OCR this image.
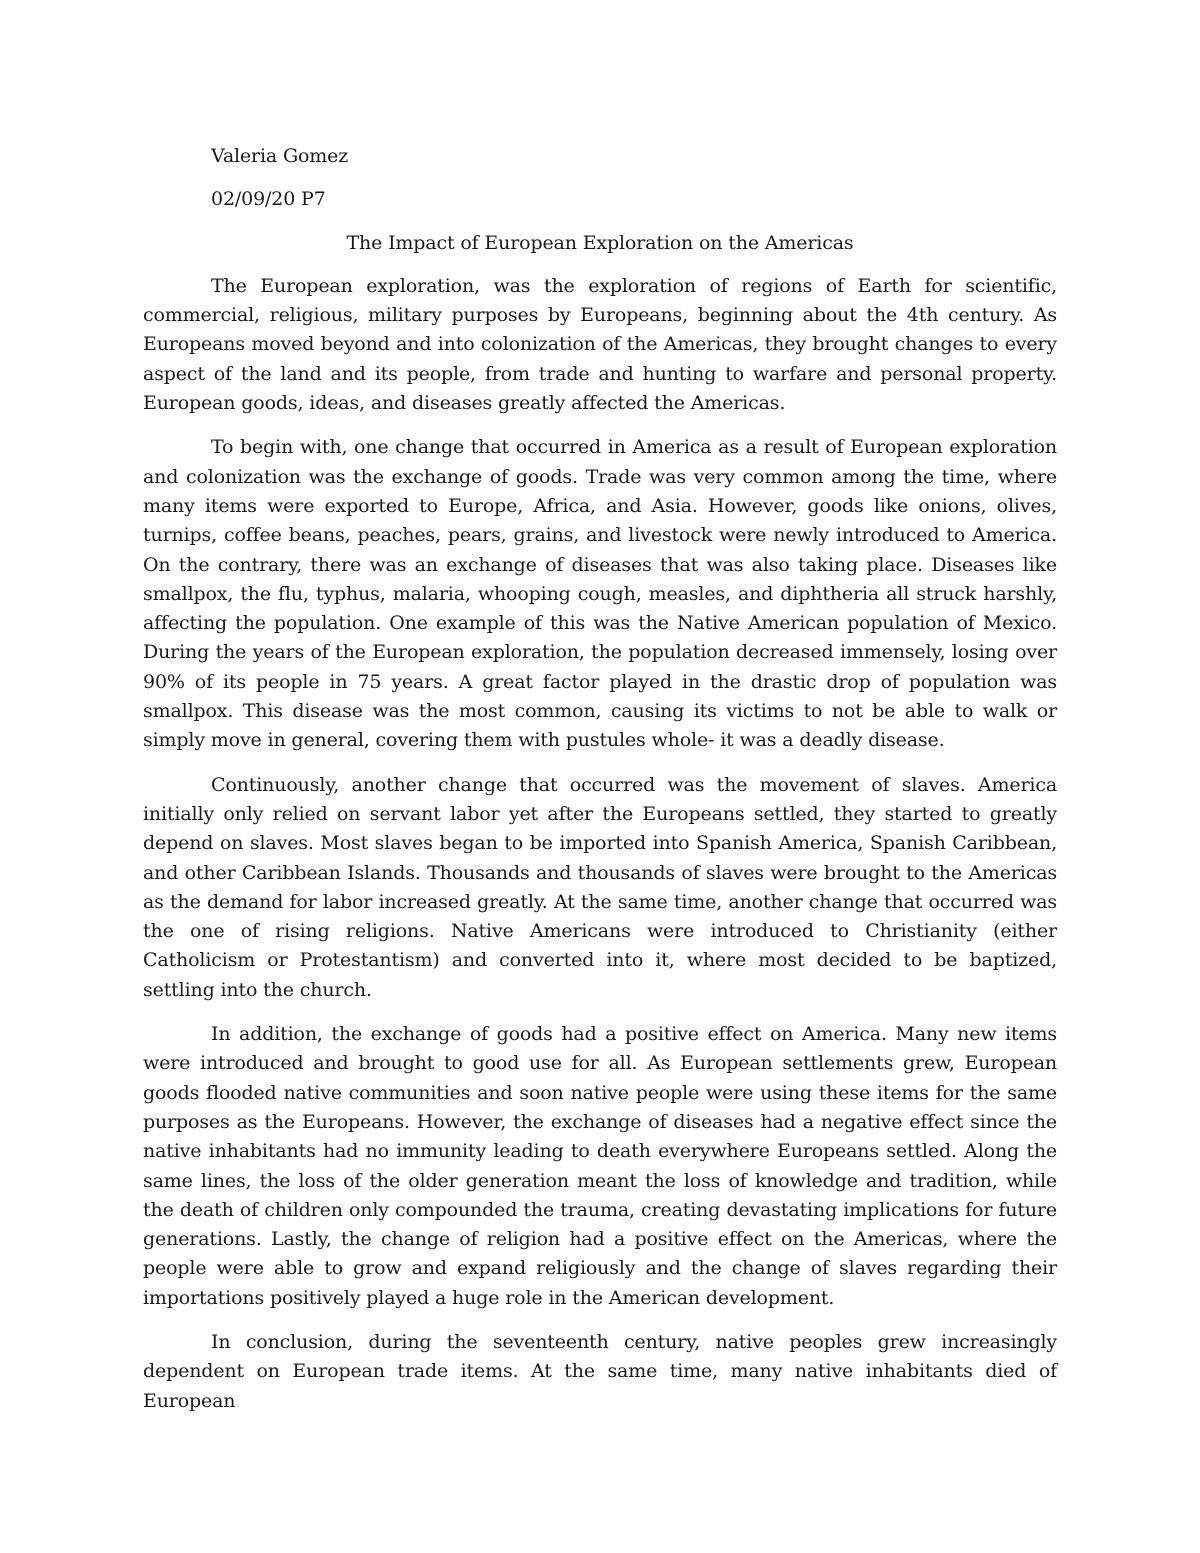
Valeria Gomez

02/09/20 P7

The Impact of European Exploration on the Americas

The European exploration, was the exploration of regions of Earth for scientific, commercial, religious, military purposes by Europeans, beginning about the 4th century. As Europeans moved beyond and into colonization of the Americas, they brought changes to every aspect of the land and its people, from trade and hunting to warfare and personal property. European goods, ideas, and diseases greatly affected the Americas.

To begin with, one change that occurred in America as a result of European exploration and colonization was the exchange of goods. Trade was very common among the time, where many items were exported to Europe, Africa, and Asia. However, goods like onions, olives, turnips, coffee beans, peaches, pears, grains, and livestock were newly introduced to America. On the contrary, there was an exchange of diseases that was also taking place. Diseases like smallpox, the flu, typhus, malaria, whooping cough, measles, and diphtheria all struck harshly, affecting the population. One example of this was the Native American population of Mexico. During the years of the European exploration, the population decreased immensely, losing over 90% of its people in 75 years. A great factor played in the drastic drop of population was smallpox. This disease was the most common, causing its victims to not be able to walk or simply move in general, covering them with pustules whole- it was a deadly disease.

Continuously, another change that occurred was the movement of slaves. America initially only relied on servant labor yet after the Europeans settled, they started to greatly depend on slaves. Most slaves began to be imported into Spanish America, Spanish Caribbean, and other Caribbean Islands. Thousands and thousands of slaves were brought to the Americas as the demand for labor increased greatly. At the same time, another change that occurred was the one of rising religions. Native Americans were introduced to Christianity (either Catholicism or Protestantism) and converted into it, where most decided to be baptized, settling into the church.

In addition, the exchange of goods had a positive effect on America. Many new items were introduced and brought to good use for all. As European settlements grew, European goods flooded native communities and soon native people were using these items for the same purposes as the Europeans. However, the exchange of diseases had a negative effect since the native inhabitants had no immunity leading to death everywhere Europeans settled. Along the same lines, the loss of the older generation meant the loss of knowledge and tradition, while the death of children only compounded the trauma, creating devastating implications for future generations. Lastly, the change of religion had a positive effect on the Americas, where the people were able to grow and expand religiously and the change of slaves regarding their importations positively played a huge role in the American development.

In conclusion, during the seventeenth century, native peoples grew increasingly dependent on European trade items. At the same time, many native inhabitants died of European
